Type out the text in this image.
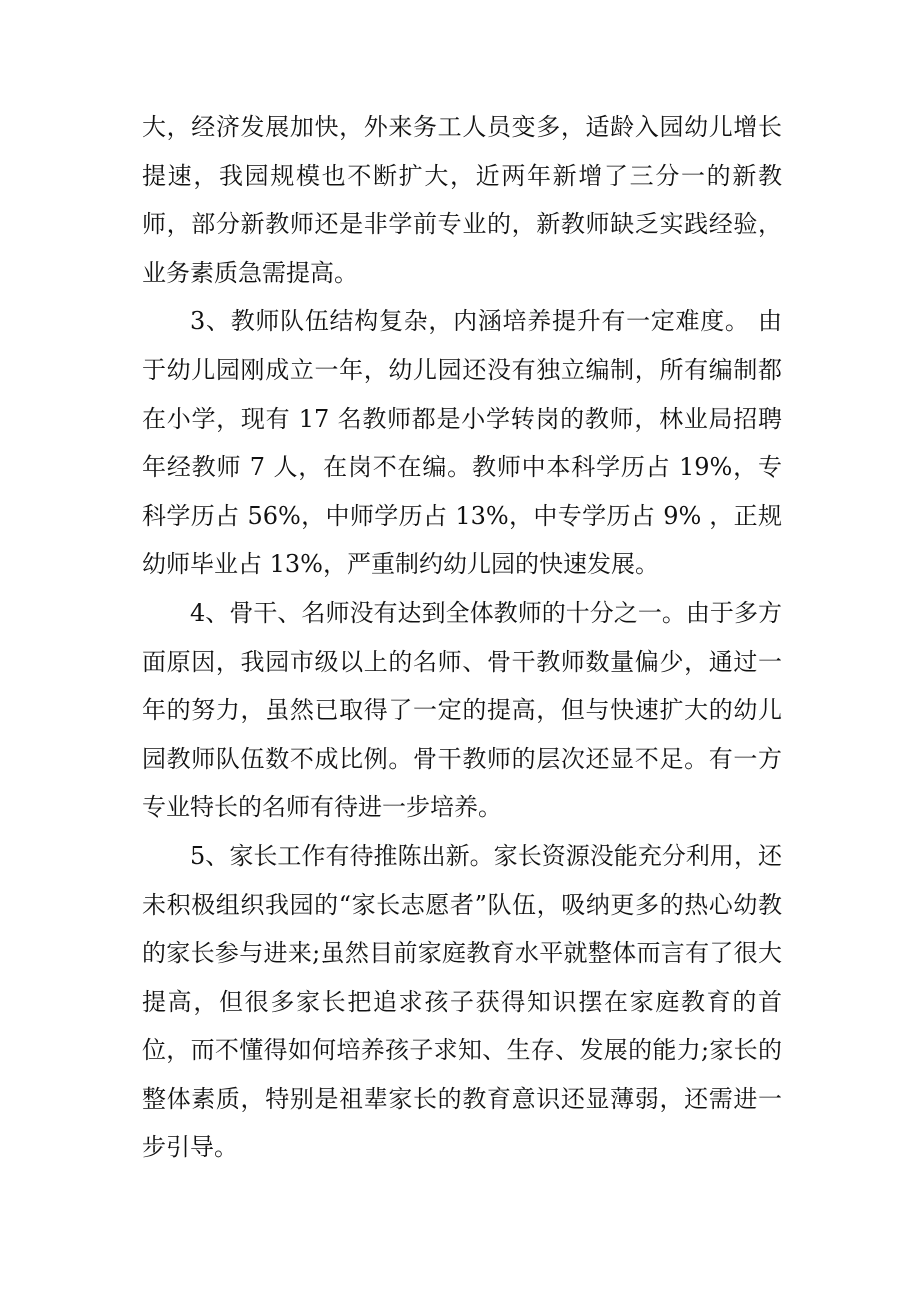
大，经济发展加快，外来务工人员变多，适龄入园幼儿增长提速，我园规模也不断扩大，近两年新增了三分一的新教师，部分新教师还是非学前专业的，新教师缺乏实践经验，业务素质急需提高。

3、教师队伍结构复杂，内涵培养提升有一定难度。 由于幼儿园刚成立一年，幼儿园还没有独立编制，所有编制都在小学，现有 17 名教师都是小学转岗的教师，林业局招聘年经教师 7 人，在岗不在编。教师中本科学历占 19%，专科学历占 56%，中师学历占 13%，中专学历占 9% ，正规幼师毕业占 13%，严重制约幼儿园的快速发展。

4、骨干、名师没有达到全体教师的十分之一。由于多方面原因，我园市级以上的名师、骨干教师数量偏少，通过一年的努力，虽然已取得了一定的提高，但与快速扩大的幼儿园教师队伍数不成比例。骨干教师的层次还显不足。有一方专业特长的名师有待进一步培养。

5、家长工作有待推陈出新。家长资源没能充分利用，还未积极组织我园的“家长志愿者”队伍，吸纳更多的热心幼教的家长参与进来;虽然目前家庭教育水平就整体而言有了很大提高，但很多家长把追求孩子获得知识摆在家庭教育的首位，而不懂得如何培养孩子求知、生存、发展的能力;家长的整体素质，特别是祖辈家长的教育意识还显薄弱，还需进一步引导。
